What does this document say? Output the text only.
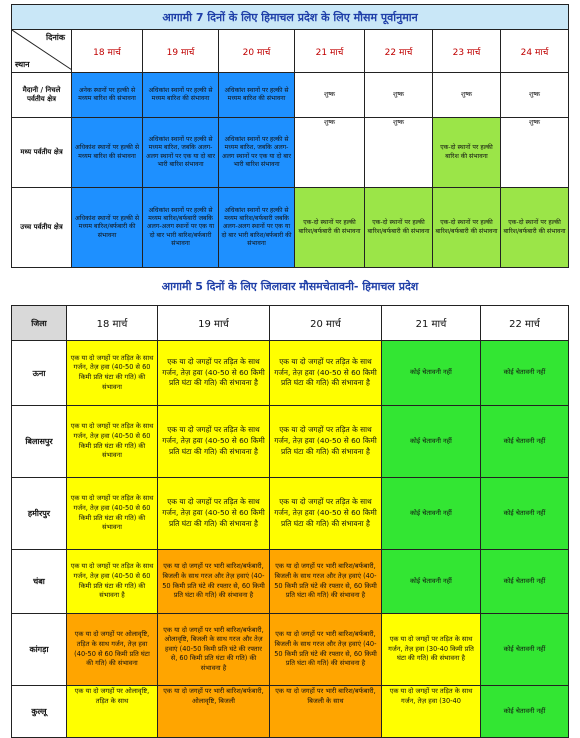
आगामी 7 दिनों के लिए हिमाचल प्रदेश के लिए मौसम पूर्वानुमान							

दिनांक
स्थान	18 मार्च	19 मार्च	20 मार्च	21 मार्च	22 मार्च	23 मार्च	24 मार्च
मैदानी / निचले पर्वतीय क्षेत्र	अनेक स्थानों पर हल्की से मध्यम बारिश की संभावना	अधिकांश स्थानों पर हल्की से मध्यम बारिश की संभावना	अधिकांश स्थानों पर हल्की से मध्यम बारिश की संभावना	शुष्क	शुष्क	शुष्क	शुष्क
मध्य पर्वतीय क्षेत्र	अधिकांश स्थानों पर हल्की से मध्यम बारिश की संभावना	अधिकांश स्थानों पर हल्की से मध्यम बारिश, जबकि अलग-अलग स्थानों पर एक या दो बार भारी बारिश संभावना	अधिकांश स्थानों पर हल्की से मध्यम बारिश, जबकि अलग-अलग स्थानों पर एक या दो बार भारी बारिश संभावना	शुष्क	शुष्क	एक-दो स्थानों पर हल्की बारिश की संभावना	शुष्क
उच्च पर्वतीय क्षेत्र	अधिकांश स्थानों पर हल्की से मध्यम बारिश/बर्फबारी की संभावना	अधिकांश स्थानों पर हल्की से मध्यम बारिश/बर्फबारी जबकि अलग-अलग स्थानों पर एक या दो बार भारी बारिश/बर्फबारी संभावना	अधिकांश स्थानों पर हल्की से मध्यम बारिश/बर्फबारी जबकि अलग-अलग स्थानों पर एक या दो बार भारी बारिश/बर्फबारी की संभावना	एक-दो स्थानों पर हल्की बारिश/बर्फबारी की संभावना	एक-दो स्थानों पर हल्की बारिश/बर्फबारी की संभावना	एक-दो स्थानों पर हल्की बारिश/बर्फबारी की संभावना	एक-दो स्थानों पर हल्की बारिश/बर्फबारी की संभावना
आगामी 5 दिनों के लिए जिलावार मौसमचेतावनी- हिमाचल प्रदेश
जिला	18 मार्च	19 मार्च	20 मार्च	21 मार्च	22 मार्च
ऊना	एक या दो जगहों पर तड़ित के साथ गर्जन, तेज़ हवा (40-50 से 60 किमी प्रति घंटा की गति) की संभावना	एक या दो जगहों पर तड़ित के साथ गर्जन, तेज़ हवा (40-50 से 60 किमी प्रति घंटा की गति) की संभावना है	एक या दो जगहों पर तड़ित के साथ गर्जन, तेज़ हवा (40-50 से 60 किमी प्रति घंटा की गति) की संभावना है	कोई चेतावनी नहीं	कोई चेतावनी नहीं
बिलासपुर	एक या दो जगहों पर तड़ित के साथ गर्जन, तेज़ हवा (40-50 से 60 किमी प्रति घंटा की गति) की संभावना	एक या दो जगहों पर तड़ित के साथ गर्जन, तेज़ हवा (40-50 से 60 किमी प्रति घंटा की गति) की संभावना है	एक या दो जगहों पर तड़ित के साथ गर्जन, तेज़ हवा (40-50 से 60 किमी प्रति घंटा की गति) की संभावना है	कोई चेतावनी नहीं	कोई चेतावनी नहीं
हमीरपुर	एक या दो जगहों पर तड़ित के साथ गर्जन, तेज़ हवा (40-50 से 60 किमी प्रति घंटा की गति) की संभावना	एक या दो जगहों पर तड़ित के साथ गर्जन, तेज़ हवा (40-50 से 60 किमी प्रति घंटा की गति) की संभावना है	एक या दो जगहों पर तड़ित के साथ गर्जन, तेज़ हवा (40-50 से 60 किमी प्रति घंटा की गति) की संभावना है	कोई चेतावनी नहीं	कोई चेतावनी नहीं
चंबा	एक या दो जगहों पर तड़ित के साथ गर्जन, तेज़ हवा (40-50 से 60 किमी प्रति घंटा की गति) की संभावना है	एक या दो जगहों पर भारी बारिश/बर्फबारी, बिजली के साथ गरज और तेज़ हवाएं (40-50 किमी प्रति घंटे की रफ्तार से, 60 किमी प्रति घंटा की गति) की संभावना है	एक या दो जगहों पर भारी बारिश/बर्फबारी, बिजली के साथ गरज और तेज़ हवाएं (40-50 किमी प्रति घंटे की रफ्तार से, 60 किमी प्रति घंटा की गति) की संभावना है	कोई चेतावनी नहीं	कोई चेतावनी नहीं
कांगड़ा	एक या दो जगहों पर ओलावृष्टि, तड़ित के साथ गर्जन, तेज़ हवा (40-50 से 60 किमी प्रति घंटा की गति) की संभावना	एक या दो जगहों पर भारी बारिश/बर्फबारी, ओलावृष्टि, बिजली के साथ गरज और तेज़ हवाएं (40-50 किमी प्रति घंटे की रफ्तार से, 60 किमी प्रति घंटा की गति) की संभावना है	एक या दो जगहों पर भारी बारिश/बर्फबारी, बिजली के साथ गरज और तेज़ हवाएं (40-50 किमी प्रति घंटे की रफ्तार से, 60 किमी प्रति घंटा की गति) की संभावना है	एक या दो जगहों पर तड़ित के साथ गर्जन, तेज़ हवा (30-40 किमी प्रति घंटा की गति) की संभावना है	कोई चेतावनी नहीं
कुल्लू	एक या दो जगहों पर ओलावृष्टि, तड़ित के साथ	एक या दो जगहों पर भारी बारिश/बर्फबारी, ओलावृष्टि, बिजली	एक या दो जगहों पर भारी बारिश/बर्फबारी, बिजली के साथ	एक या दो जगहों पर तड़ित के साथ गर्जन, तेज़ हवा (30-40	कोई चेतावनी नहीं
